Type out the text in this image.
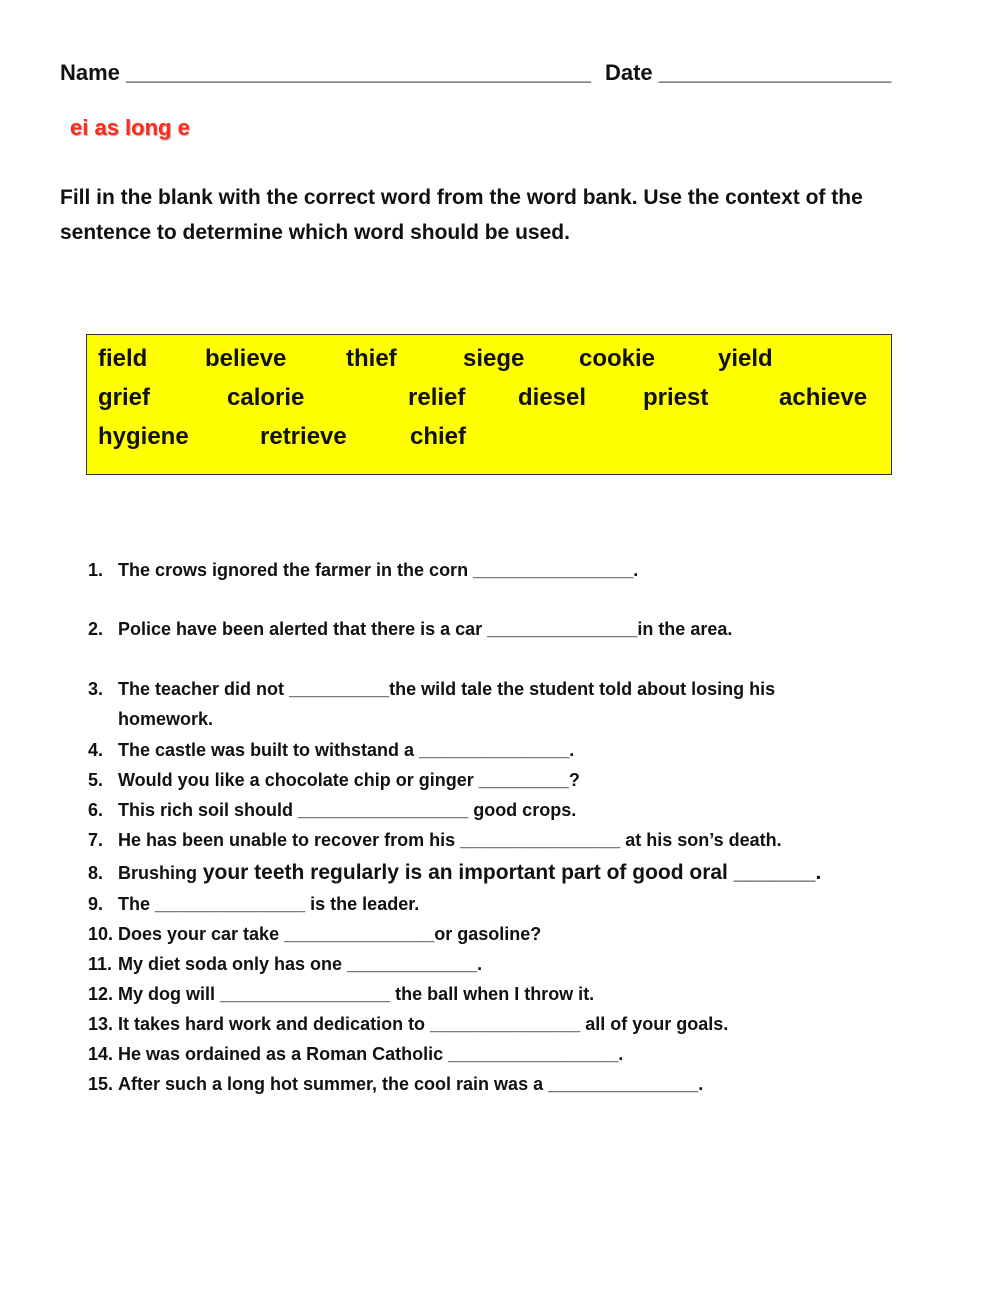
Name ______________________________________ Date ___________________
ei as long e
Fill in the blank with the correct word from the word bank. Use the context of the sentence to determine which word should be used.
field believe thief	siege cookie	yield
grief	calorie	relief diesel priest	achieve
hygiene	retrieve	chief
1. The crows ignored the farmer in the corn ________________.
2. Police have been alerted that there is a car _______________in the area.
3. The teacher did not __________the wild tale the student told about losing his
homework.
4. The castle was built to withstand a _______________.
5. Would you like a chocolate chip or ginger _________?
6. This rich soil should _________________ good crops.
7. He has been unable to recover from his ________________ at his son’s death.
8. Brushing your teeth regularly is an important part of good oral _______.
9. The _______________ is the leader.
10. Does your car take _______________or gasoline?
11. My diet soda only has one _____________.
12. My dog will _________________ the ball when I throw it.
13. It takes hard work and dedication to _______________ all of your goals.
14. He was ordained as a Roman Catholic _________________.
15. After such a long hot summer, the cool rain was a _______________.
